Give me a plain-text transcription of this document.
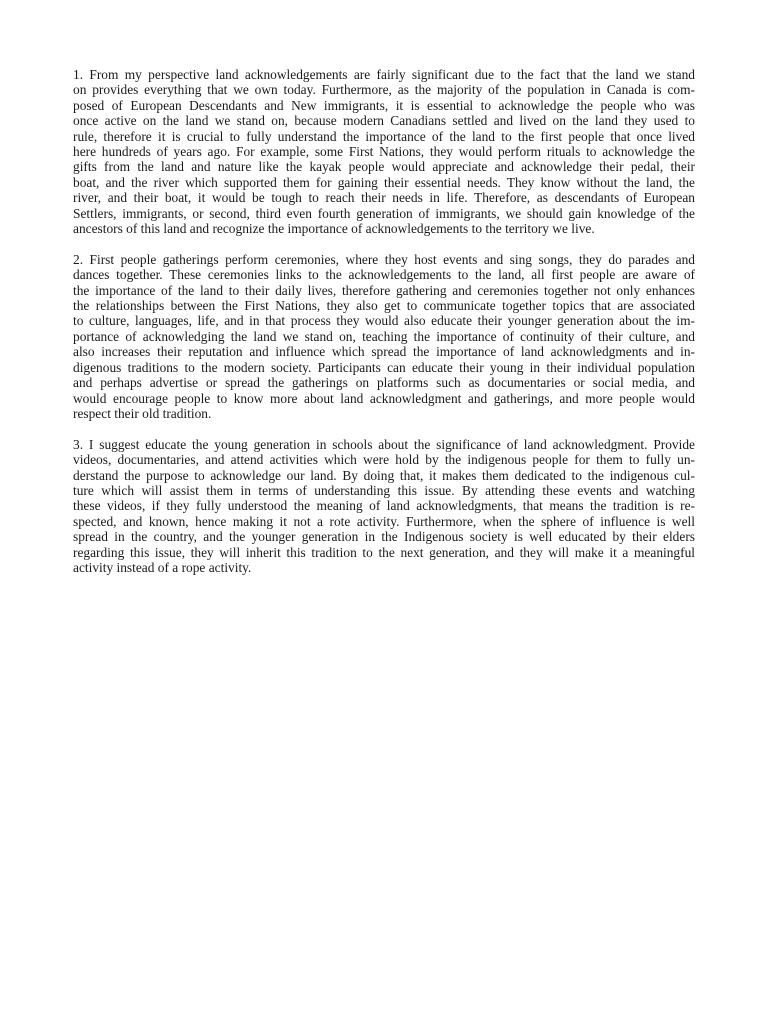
1. From my perspective land acknowledgements are fairly significant due to the fact that the land we stand
on provides everything that we own today. Furthermore, as the majority of the population in Canada is com-
posed of European Descendants and New immigrants, it is essential to acknowledge the people who was
once active on the land we stand on, because modern Canadians settled and lived on the land they used to
rule, therefore it is crucial to fully understand the importance of the land to the first people that once lived
here hundreds of years ago. For example, some First Nations, they would perform rituals to acknowledge the
gifts from the land and nature like the kayak people would appreciate and acknowledge their pedal, their
boat, and the river which supported them for gaining their essential needs. They know without the land, the
river, and their boat, it would be tough to reach their needs in life. Therefore, as descendants of European
Settlers, immigrants, or second, third even fourth generation of immigrants, we should gain knowledge of the
ancestors of this land and recognize the importance of acknowledgements to the territory we live.
2. First people gatherings perform ceremonies, where they host events and sing songs, they do parades and
dances together. These ceremonies links to the acknowledgements to the land, all first people are aware of
the importance of the land to their daily lives, therefore gathering and ceremonies together not only enhances
the relationships between the First Nations, they also get to communicate together topics that are associated
to culture, languages, life, and in that process they would also educate their younger generation about the im-
portance of acknowledging the land we stand on, teaching the importance of continuity of their culture, and
also increases their reputation and influence which spread the importance of land acknowledgments and in-
digenous traditions to the modern society. Participants can educate their young in their individual population
and perhaps advertise or spread the gatherings on platforms such as documentaries or social media, and
would encourage people to know more about land acknowledgment and gatherings, and more people would
respect their old tradition.
3. I suggest educate the young generation in schools about the significance of land acknowledgment. Provide
videos, documentaries, and attend activities which were hold by the indigenous people for them to fully un-
derstand the purpose to acknowledge our land. By doing that, it makes them dedicated to the indigenous cul-
ture which will assist them in terms of understanding this issue. By attending these events and watching
these videos, if they fully understood the meaning of land acknowledgments, that means the tradition is re-
spected, and known, hence making it not a rote activity. Furthermore, when the sphere of influence is well
spread in the country, and the younger generation in the Indigenous society is well educated by their elders
regarding this issue, they will inherit this tradition to the next generation, and they will make it a meaningful
activity instead of a rope activity.
